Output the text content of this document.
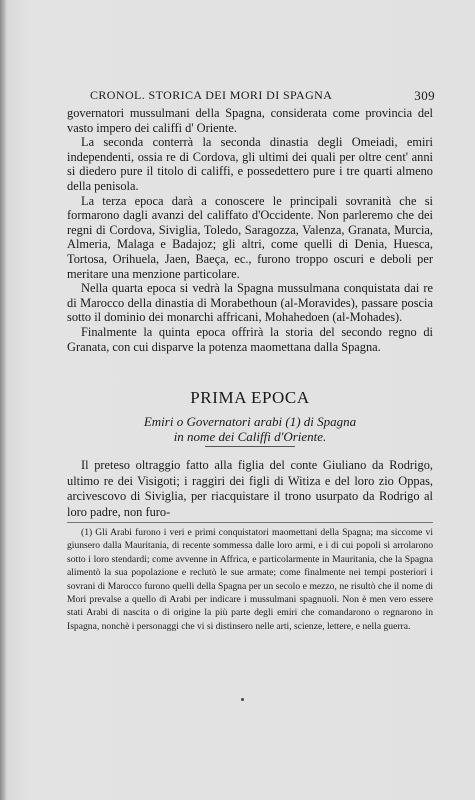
CRONOL. STORICA DEI MORI DI SPAGNA	309

governatori mussulmani della Spagna, considerata come provincia del vasto impero dei califfi d' Oriente.

La seconda conterrà la seconda dinastia degli Omeiadi, emiri independenti, ossia re di Cordova, gli ultimi dei quali per oltre cent' anni si diedero pure il titolo di califfi, e possedettero pure i tre quarti almeno della penisola.

La terza epoca darà a conoscere le principali sovranità che si formarono dagli avanzi del califfato d'Occidente. Non parleremo che dei regni di Cordova, Siviglia, Toledo, Saragozza, Valenza, Granata, Murcia, Almeria, Malaga e Badajoz; gli altri, come quelli di Denia, Huesca, Tortosa, Orihuela, Jaen, Baeça, ec., furono troppo oscuri e deboli per meritare una menzione particolare.

Nella quarta epoca si vedrà la Spagna mussulmana conquistata dai re di Marocco della dinastia di Morabethoun (al-Moravides), passare poscia sotto il dominio dei monarchi affricani, Mohahedoen (al-Mohades).

Finalmente la quinta epoca offrirà la storia del secondo regno di Granata, con cui disparve la potenza maomettana dalla Spagna.

PRIMA EPOCA
Emiri o Governatori arabi (1) di Spagna
in nome dei Califfi d'Oriente.

Il preteso oltraggio fatto alla figlia del conte Giuliano da Rodrigo, ultimo re dei Visigoti; i raggiri dei figli di Witiza e del loro zio Oppas, arcivescovo di Siviglia, per riacquistare il trono usurpato da Rodrigo al loro padre, non furo-

(1) Gli Arabi furono i veri e primi conquistatori maomettani della Spagna; ma siccome vi giunsero dalla Mauritania, di recente sommessa dalle loro armi, e i di cui popoli si arrolarono sotto i loro stendardi; come avvenne in Affrica, e particolarmente in Mauritania, che la Spagna alimentò la sua popolazione e reclutò le sue armate; come finalmente nei tempi posteriori i sovrani di Marocco furono quelli della Spagna per un secolo e mezzo, ne risultò che il nome di Mori prevalse a quello di Arabi per indicare i mussulmani spagnuoli. Non è men vero essere stati Arabi di nascita o di origine la più parte degli emiri che comandarono o regnarono in Ispagna, nonchè i personaggi che vi si distinsero nelle arti, scienze, lettere, e nella guerra.
